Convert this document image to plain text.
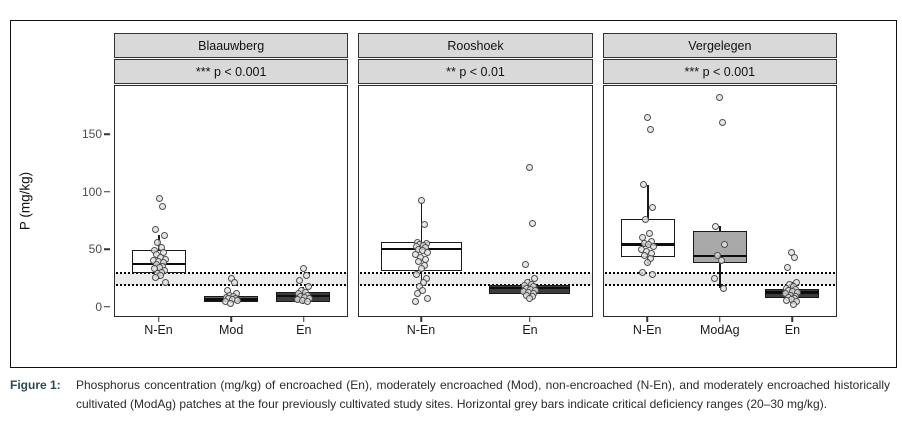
P (mg/kg)
0
50
100
150
Blaauwberg
*** p < 0.001
N-En	Mod	En
Rooshoek
** p < 0.01
N-En	En
Vergelegen
*** p < 0.001
N-En	ModAg	En
Figure 1:	Phosphorus concentration (mg/kg) of encroached (En), moderately encroached (Mod), non-encroached (N-En), and moderately encroached historically cultivated (ModAg) patches at the four previously cultivated study sites. Horizontal grey bars indicate critical deficiency ranges (20–30 mg/kg).
